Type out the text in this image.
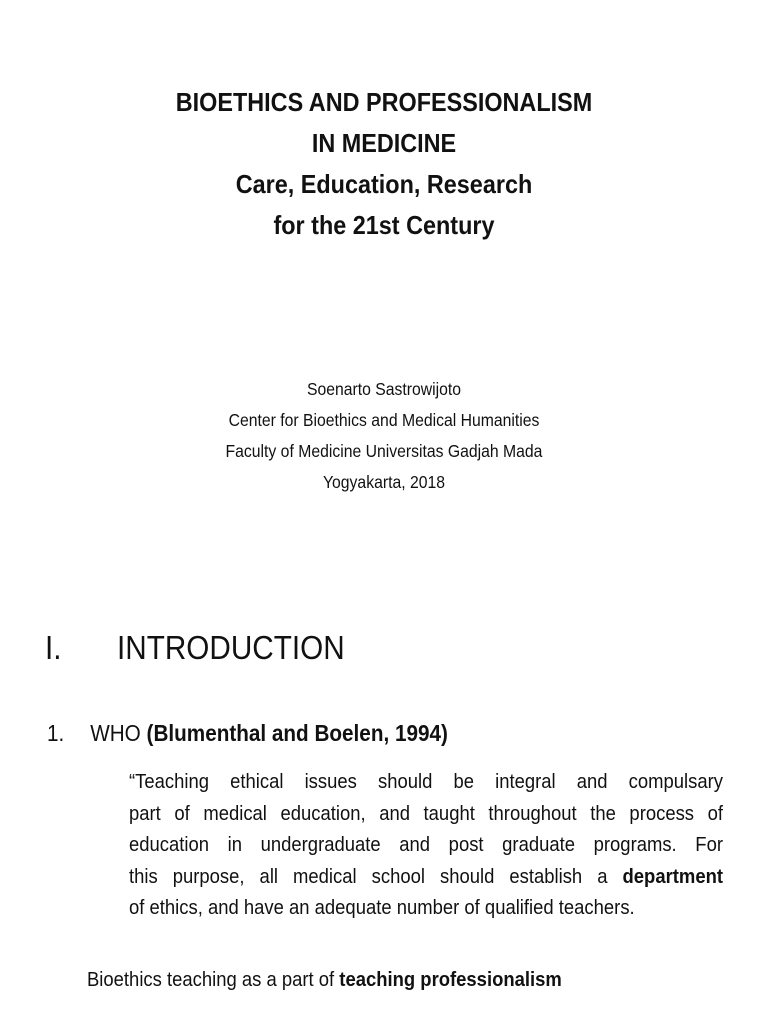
BIOETHICS AND PROFESSIONALISM
IN MEDICINE
Care, Education, Research
for the 21st Century
Soenarto Sastrowijoto
Center for Bioethics and Medical Humanities
Faculty of Medicine Universitas Gadjah Mada
Yogyakarta, 2018
I. INTRODUCTION
1. WHO (Blumenthal and Boelen, 1994)
“Teaching ethical issues should be integral and compulsary
part of medical education, and taught throughout the process of
education in undergraduate and post graduate programs. For
this purpose, all medical school should establish a department
of ethics, and have an adequate number of qualified teachers.
Bioethics teaching as a part of teaching professionalism
